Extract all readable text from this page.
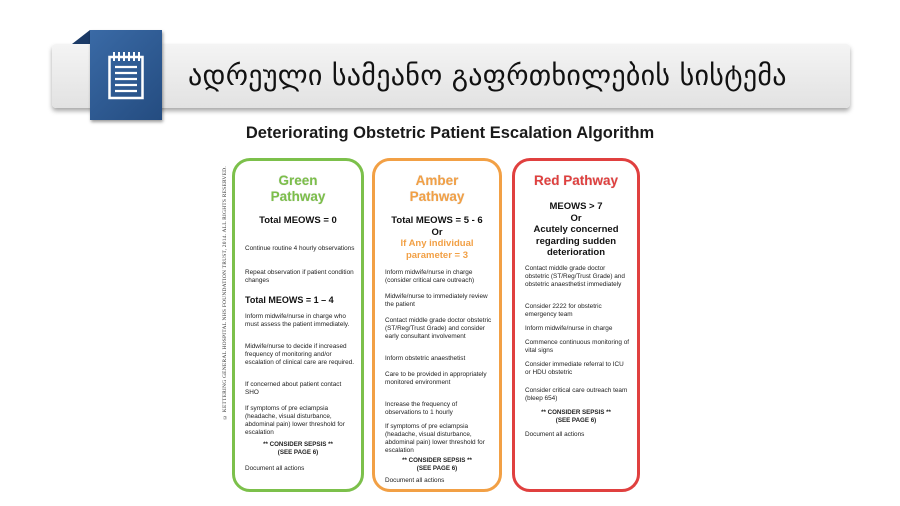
ადრეული სამეანო გაფრთხილების სისტემა
Deteriorating Obstetric Patient Escalation Algorithm
© KETTERING GENERAL HOSPITAL NHS FOUNDATION TRUST, 2014. ALL RIGHTS RESERVED.	Green
Pathway
Total MEOWS = 0
Continue routine 4 hourly observations
Repeat observation if patient condition changes
Total MEOWS = 1 – 4
Inform midwife/nurse in charge who must assess the patient immediately.
Midwife/nurse to decide if increased frequency of monitoring and/or escalation of clinical care are required.
If concerned about patient contact SHO
If symptoms of pre eclampsia (headache, visual disturbance, abdominal pain) lower threshold for escalation
** CONSIDER SEPSIS **
(SEE PAGE 6)
Document all actions
Amber
Pathway
Total MEOWS = 5 - 6
Or
If Any individual
parameter = 3
Inform midwife/nurse in charge (consider critical care outreach)
Midwife/nurse to immediately review the patient
Contact middle grade doctor obstetric (ST/Reg/Trust Grade) and consider early consultant involvement
Inform obstetric anaesthetist
Care to be provided in appropriately monitored environment
Increase the frequency of observations to 1 hourly
If symptoms of pre eclampsia (headache, visual disturbance, abdominal pain) lower threshold for escalation
** CONSIDER SEPSIS **
(SEE PAGE 6)
Document all actions
Red Pathway
MEOWS > 7
Or
Acutely concerned
regarding sudden
deterioration
Contact middle grade doctor obstetric (ST/Reg/Trust Grade) and obstetric anaesthetist immediately
Consider 2222 for obstetric emergency team
Inform midwife/nurse in charge
Commence continuous monitoring of vital signs
Consider immediate referral to ICU or HDU obstetric
Consider critical care outreach team (bleep 654)
** CONSIDER SEPSIS **
(SEE PAGE 6)
Document all actions
